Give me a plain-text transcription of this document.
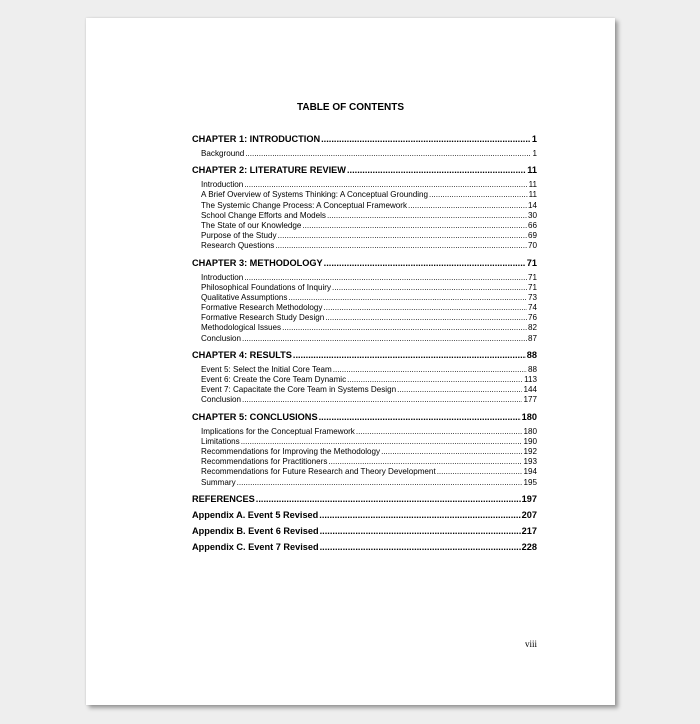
TABLE OF CONTENTS
CHAPTER 1: INTRODUCTION .....	1
Background .....	1
CHAPTER 2: LITERATURE REVIEW .....	11
Introduction .....	11
A Brief Overview of Systems Thinking: A Conceptual Grounding .....	11
The Systemic Change Process: A Conceptual Framework .....	14
School Change Efforts and Models .....	30
The State of our Knowledge .....	66
Purpose of the Study .....	69
Research Questions .....	70
CHAPTER 3: METHODOLOGY .....	71
Introduction .....	71
Philosophical Foundations of Inquiry .....	71
Qualitative Assumptions .....	73
Formative Research Methodology .....	74
Formative Research Study Design .....	76
Methodological Issues .....	82
Conclusion .....	87
CHAPTER 4: RESULTS .....	88
Event 5: Select the Initial Core Team .....	88
Event 6: Create the Core Team Dynamic .....	113
Event 7: Capacitate the Core Team in Systems Design .....	144
Conclusion .....	177
CHAPTER 5: CONCLUSIONS .....	180
Implications for the Conceptual Framework .....	180
Limitations .....	190
Recommendations for Improving the Methodology .....	192
Recommendations for Practitioners .....	193
Recommendations for Future Research and Theory Development .....	194
Summary .....	195
REFERENCES .....	197
Appendix A. Event 5 Revised .....	207
Appendix B. Event 6 Revised .....	217
Appendix C. Event 7 Revised .....	228
viii
